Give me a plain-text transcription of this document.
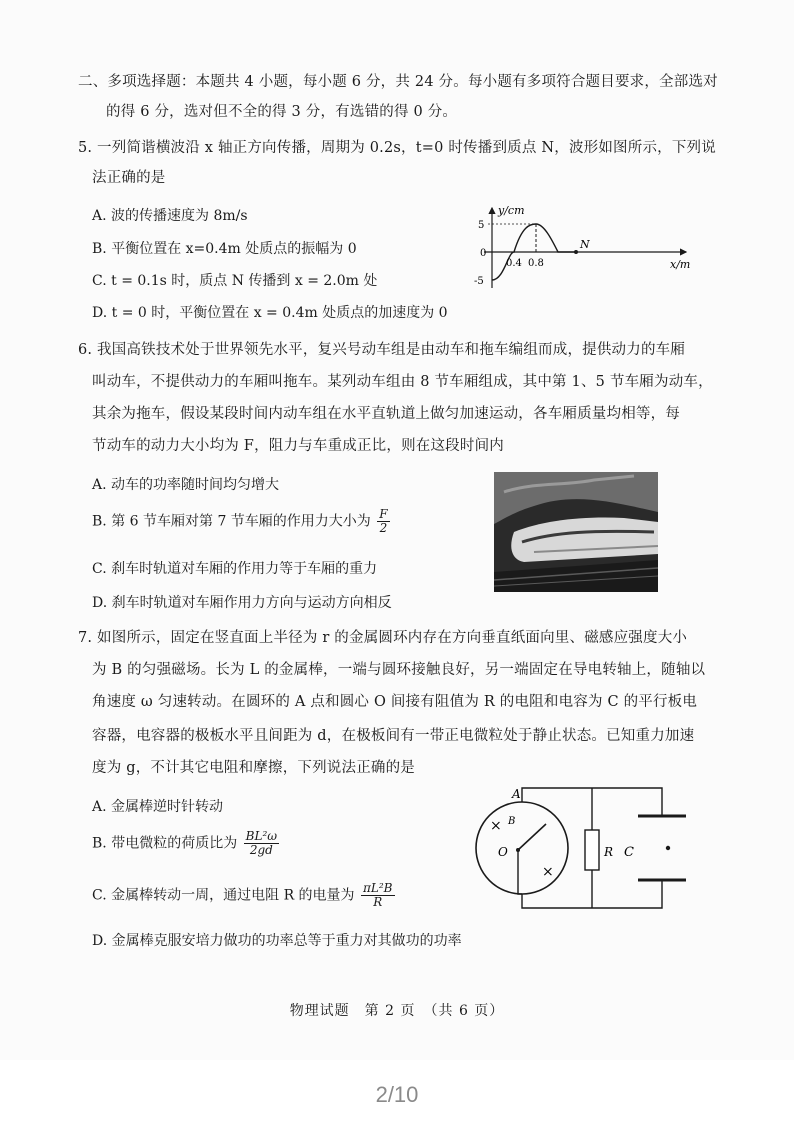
二、多项选择题：本题共 4 小题，每小题 6 分，共 24 分。每小题有多项符合题目要求，全部选对
的得 6 分，选对但不全的得 3 分，有选错的得 0 分。
5. 一列简谐横波沿 x 轴正方向传播，周期为 0.2s，t=0 时传播到质点 N，波形如图所示，下列说
法正确的是
A. 波的传播速度为 8m/s
B. 平衡位置在 x=0.4m 处质点的振幅为 0
C. t = 0.1s 时，质点 N 传播到 x = 2.0m 处
D. t = 0 时，平衡位置在 x = 0.4m 处质点的加速度为 0
y/cm
5
-5
0
0.4 0.8
N
x/m
6. 我国高铁技术处于世界领先水平，复兴号动车组是由动车和拖车编组而成，提供动力的车厢
叫动车，不提供动力的车厢叫拖车。某列动车组由 8 节车厢组成，其中第 1、5 节车厢为动车，
其余为拖车，假设某段时间内动车组在水平直轨道上做匀加速运动，各车厢质量均相等，每
节动车的动力大小均为 F，阻力与车重成正比，则在这段时间内
A. 动车的功率随时间均匀增大
B. 第 6 节车厢对第 7 节车厢的作用力大小为 $\frac{F}{2}$
C. 刹车时轨道对车厢的作用力等于车厢的重力
D. 刹车时轨道对车厢作用力方向与运动方向相反
7. 如图所示，固定在竖直面上半径为 r 的金属圆环内存在方向垂直纸面向里、磁感应强度大小
为 B 的匀强磁场。长为 L 的金属棒，一端与圆环接触良好，另一端固定在导电转轴上，随轴以
角速度 ω 匀速转动。在圆环的 A 点和圆心 O 间接有阻值为 R 的电阻和电容为 C 的平行板电
容器，电容器的极板水平且间距为 d，在极板间有一带正电微粒处于静止状态。已知重力加速
度为 g，不计其它电阻和摩擦，下列说法正确的是
A. 金属棒逆时针转动
B. 带电微粒的荷质比为 $\frac{\text{BL²ω}}{2gd}$
C. 金属棒转动一周，通过电阻 R 的电量为 $\frac{\text{πL²B}}{R}$
D. 金属棒克服安培力做功的功率总等于重力对其做功的功率
A
B
O	R C
×
×
物理试题　第 2 页　（共 6 页）
2/10
